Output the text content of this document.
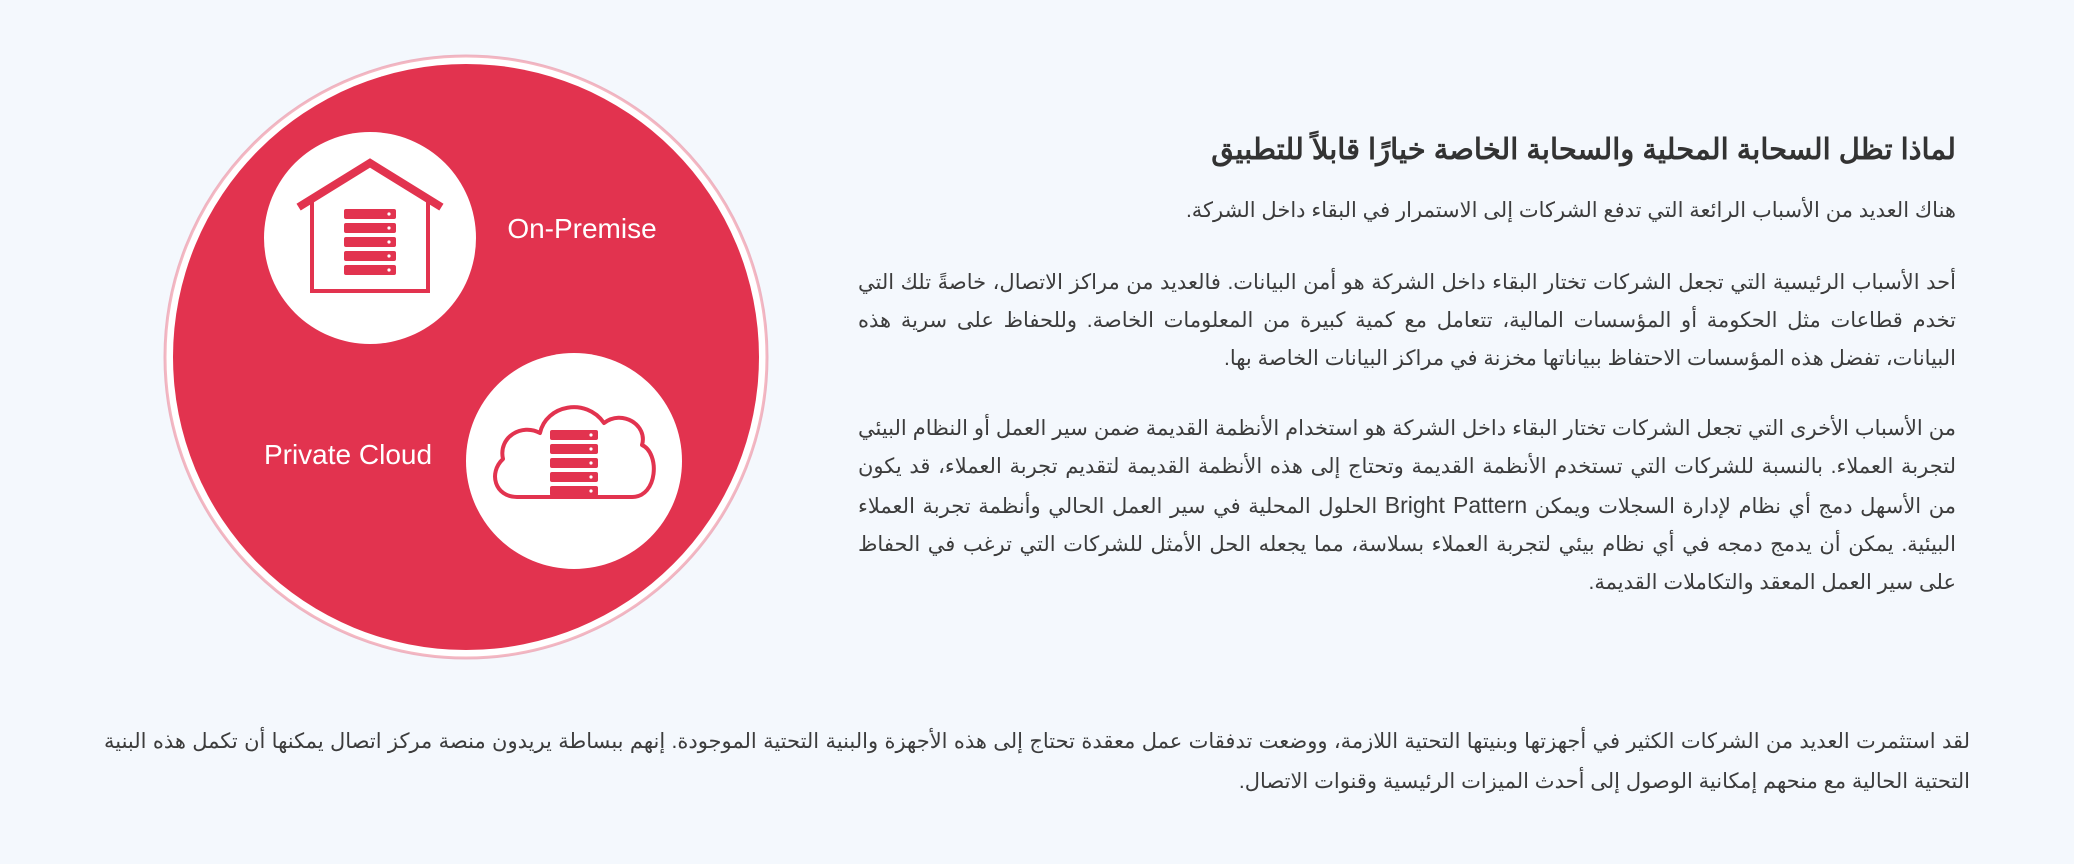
On-Premise
Private Cloud
لماذا تظل السحابة المحلية والسحابة الخاصة خيارًا قابلاً للتطبيق

هناك العديد من الأسباب الرائعة التي تدفع الشركات إلى الاستمرار في البقاء داخل الشركة.

أحد الأسباب الرئيسية التي تجعل الشركات تختار البقاء داخل الشركة هو أمن البيانات. فالعديد من مراكز الاتصال، خاصةً تلك التي تخدم قطاعات مثل الحكومة أو المؤسسات المالية، تتعامل مع كمية كبيرة من المعلومات الخاصة. وللحفاظ على سرية هذه البيانات، تفضل هذه المؤسسات الاحتفاظ ببياناتها مخزنة في مراكز البيانات الخاصة بها.

من الأسباب الأخرى التي تجعل الشركات تختار البقاء داخل الشركة هو استخدام الأنظمة القديمة ضمن سير العمل أو النظام البيئي لتجربة العملاء. بالنسبة للشركات التي تستخدم الأنظمة القديمة وتحتاج إلى هذه الأنظمة القديمة لتقديم تجربة العملاء، قد يكون من الأسهل دمج أي نظام لإدارة السجلات ويمكن Bright Pattern الحلول المحلية في سير العمل الحالي وأنظمة تجربة العملاء البيئية. يمكن أن يدمج دمجه في أي نظام بيئي لتجربة العملاء بسلاسة، مما يجعله الحل الأمثل للشركات التي ترغب في الحفاظ على سير العمل المعقد والتكاملات القديمة.

لقد استثمرت العديد من الشركات الكثير في أجهزتها وبنيتها التحتية اللازمة، ووضعت تدفقات عمل معقدة تحتاج إلى هذه الأجهزة والبنية التحتية الموجودة. إنهم ببساطة يريدون منصة مركز اتصال يمكنها أن تكمل هذه البنية التحتية الحالية مع منحهم إمكانية الوصول إلى أحدث الميزات الرئيسية وقنوات الاتصال.
